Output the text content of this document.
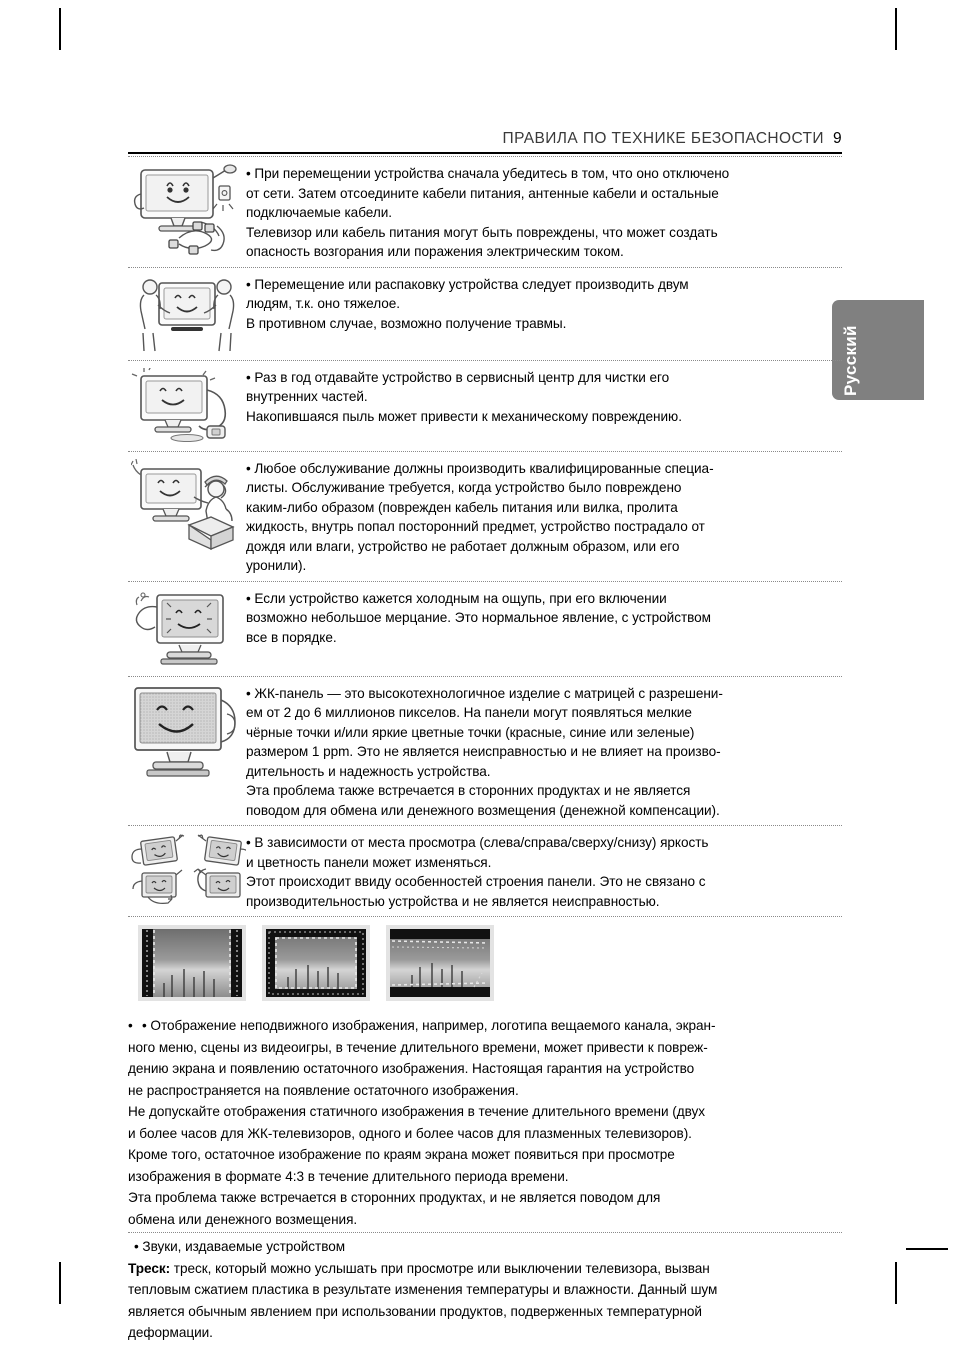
Русский
ПРАВИЛА ПО ТЕХНИКЕ БЕЗОПАСНОСТИ 9

• При перемещении устройства сначала убедитесь в том, что оно отключено

от сети. Затем отсоедините кабели питания, антенные кабели и остальные

подключаемые кабели.

Телевизор или кабель питания могут быть повреждены, что может создать

опасность возгорания или поражения электрическим током.

• Перемещение или распаковку устройства следует производить двум

людям, т.к. оно тяжелое.

В противном случае, возможно получение травмы.

• Раз в год отдавайте устройство в сервисный центр для чистки его

внутренних частей.

Накопившаяся пыль может привести к механическому повреждению.

• Любое обслуживание должны производить квалифицированные специа-

листы. Обслуживание требуется, когда устройство было повреждено

каким-либо образом (поврежден кабель питания или вилка, пролита

жидкость, внутрь попал посторонний предмет, устройство пострадало от

дождя или влаги, устройство не работает должным образом, или его

уронили).

• Если устройство кажется холодным на ощупь, при его включении

возможно небольшое мерцание. Это нормальное явление, с устройством

все в порядке.

• ЖК-панель — это высокотехнологичное изделие с матрицей с разрешени-

ем от 2 до 6 миллионов пикселов. На панели могут появляться мелкие

чёрные точки и/или яркие цветные точки (красные, синие или зеленые)

размером 1 ppm. Это не является неисправностью и не влияет на произво-

дительность и надежность устройства.

Эта проблема также встречается в сторонних продуктах и не является

поводом для обмена или денежного возмещения (денежной компенсации).

• В зависимости от места просмотра (слева/справа/сверху/снизу) яркость

и цветность панели может изменяться.

Этот происходит ввиду особенностей строения панели. Это не связано с

производительностью устройства и не является неисправностью.

• • Отображение неподвижного изображения, например, логотипа вещаемого канала, экран-

ного меню, сцены из видеоигры, в течение длительного времени, может привести к повреж-

дению экрана и появлению остаточного изображения. Настоящая гарантия на устройство

не распространяется на появление остаточного изображения.

Не допускайте отображения статичного изображения в течение длительного времени (двух

и более часов для ЖК-телевизоров, одного и более часов для плазменных телевизоров).

Кроме того, остаточное изображение по краям экрана может появиться при просмотре

изображения в формате 4:3 в течение длительного периода времени.

Эта проблема также встречается в сторонних продуктах, и не является поводом для

обмена или денежного возмещения.

• Звуки, издаваемые устройством

Треск: треск, который можно услышать при просмотре или выключении телевизора, вызван

тепловым сжатием пластика в результате изменения температуры и влажности. Данный шум

является обычным явлением при использовании продуктов, подверженных температурной

деформации.
